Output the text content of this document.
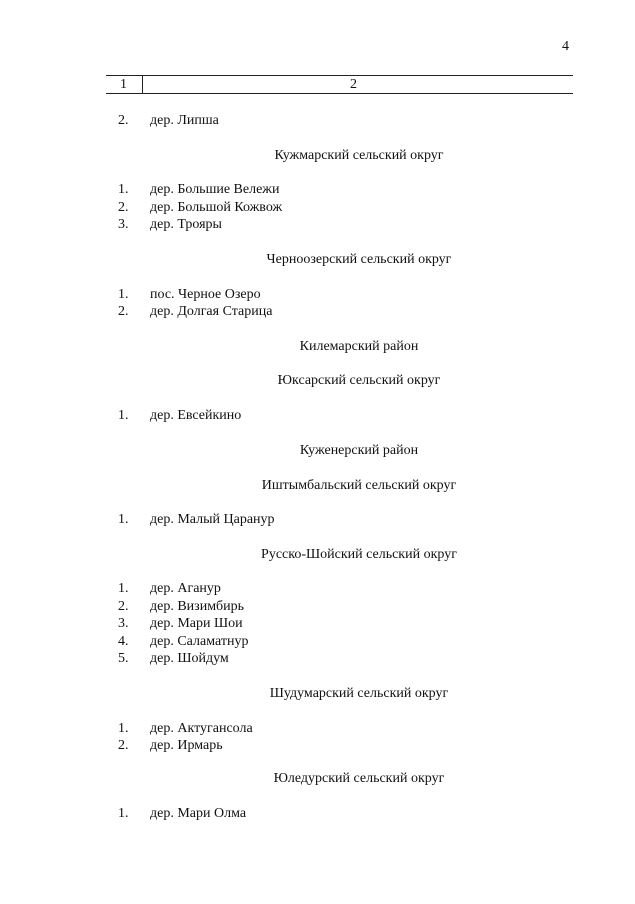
4
1	2
2. дер. Липша
Кужмарский сельский округ
1. дер. Большие Вележи
2. дер. Большой Кожвож
3. дер. Трояры
Черноозерский сельский округ
1. пос. Черное Озеро
2. дер. Долгая Старица
Килемарский район
Юксарский сельский округ
1. дер. Евсейкино
Куженерский район
Иштымбальский сельский округ
1. дер. Малый Царанур
Русско-Шойский сельский округ
1. дер. Аганур
2. дер. Визимбирь
3. дер. Мари Шои
4. дер. Саламатнур
5. дер. Шойдум
Шудумарский сельский округ
1. дер. Актугансола
2. дер. Ирмарь
Юледурский сельский округ
1. дер. Мари Олма
